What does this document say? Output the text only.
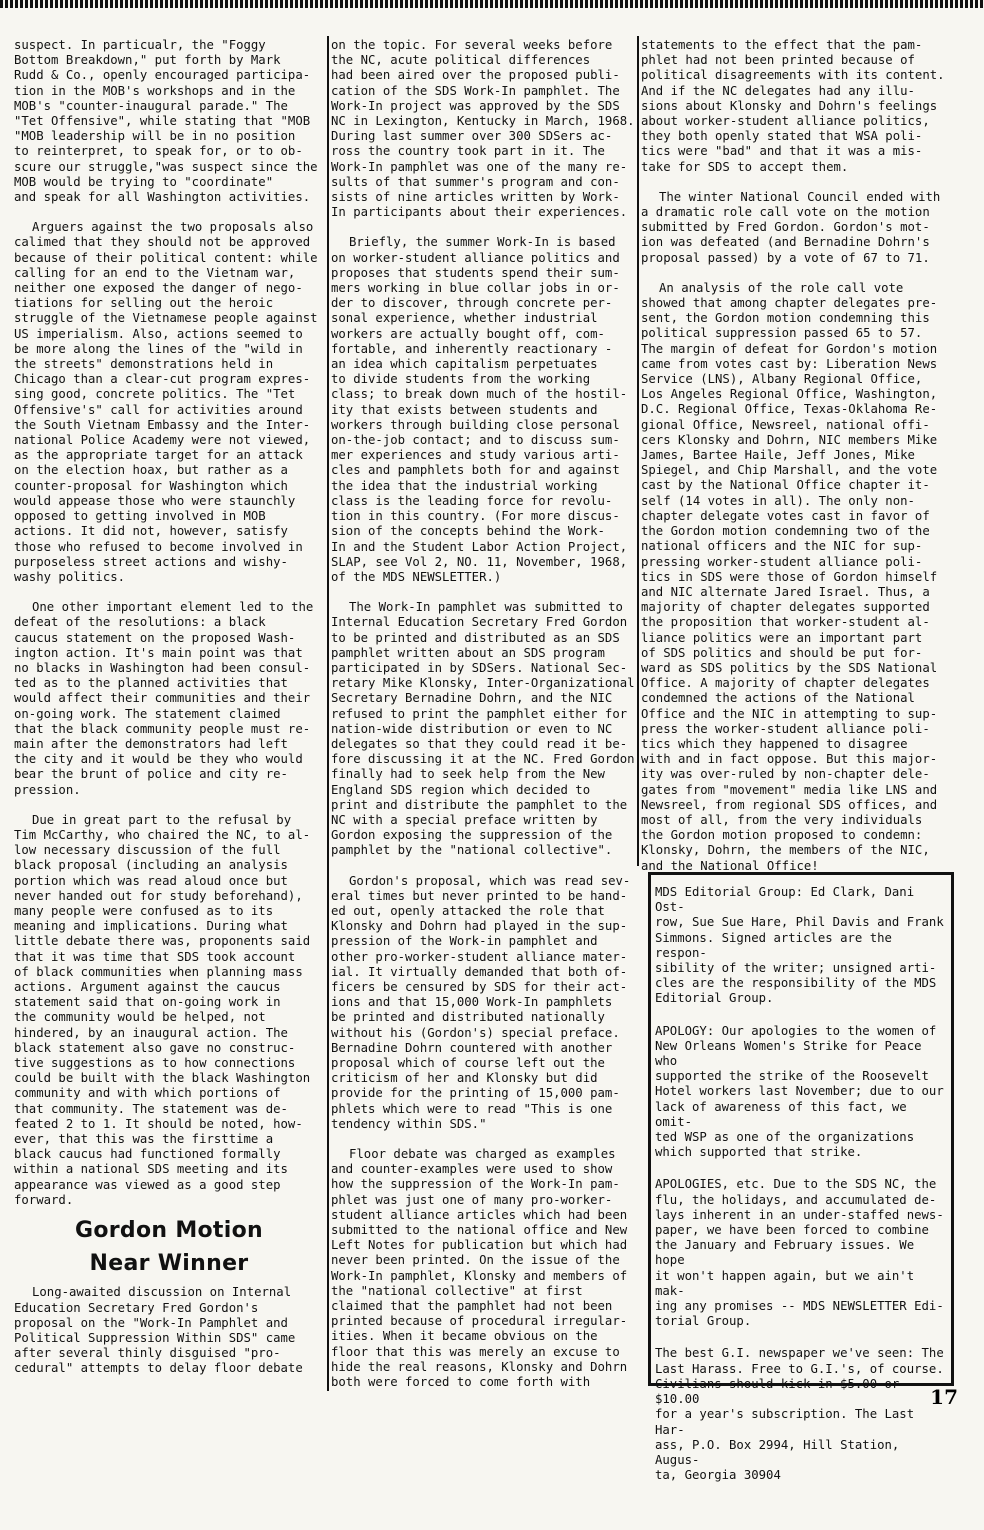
suspect. In particualr, the "Foggy
Bottom Breakdown," put forth by Mark
Rudd & Co., openly encouraged participa-
tion in the MOB's workshops and in the
MOB's "counter-inaugural parade." The
"Tet Offensive", while stating that "MOB
"MOB leadership will be in no position
to reinterpret, to speak for, or to ob-
scure our struggle,"was suspect since the
MOB would be trying to "coordinate"
and speak for all Washington activities.

Arguers against the two proposals also
calimed that they should not be approved
because of their political content: while
calling for an end to the Vietnam war,
neither one exposed the danger of nego-
tiations for selling out the heroic
struggle of the Vietnamese people against
US imperialism. Also, actions seemed to
be more along the lines of the "wild in
the streets" demonstrations held in
Chicago than a clear-cut program expres-
sing good, concrete politics. The "Tet
Offensive's" call for activities around
the South Vietnam Embassy and the Inter-
national Police Academy were not viewed,
as the appropriate target for an attack
on the election hoax, but rather as a
counter-proposal for Washington which
would appease those who were staunchly
opposed to getting involved in MOB
actions. It did not, however, satisfy
those who refused to become involved in
purposeless street actions and wishy-
washy politics.

One other important element led to the
defeat of the resolutions: a black
caucus statement on the proposed Wash-
ington action. It's main point was that
no blacks in Washington had been consul-
ted as to the planned activities that
would affect their communities and their
on-going work. The statement claimed
that the black community people must re-
main after the demonstrators had left
the city and it would be they who would
bear the brunt of police and city re-
pression.

Due in great part to the refusal by
Tim McCarthy, who chaired the NC, to al-
low necessary discussion of the full
black proposal (including an analysis
portion which was read aloud once but
never handed out for study beforehand),
many people were confused as to its
meaning and implications. During what
little debate there was, proponents said
that it was time that SDS took account
of black communities when planning mass
actions. Argument against the caucus
statement said that on-going work in
the community would be helped, not
hindered, by an inaugural action. The
black statement also gave no construc-
tive suggestions as to how connections
could be built with the black Washington
community and with which portions of
that community. The statement was de-
feated 2 to 1. It should be noted, how-
ever, that this was the firsttime a
black caucus had functioned formally
within a national SDS meeting and its
appearance was viewed as a good step
forward.

Gordon Motion
Near Winner

Long-awaited discussion on Internal
Education Secretary Fred Gordon's
proposal on the "Work-In Pamphlet and
Political Suppression Within SDS" came
after several thinly disguised "pro-
cedural" attempts to delay floor debate

on the topic. For several weeks before
the NC, acute political differences
had been aired over the proposed publi-
cation of the SDS Work-In pamphlet. The
Work-In project was approved by the SDS
NC in Lexington, Kentucky in March, 1968.
During last summer over 300 SDSers ac-
ross the country took part in it. The
Work-In pamphlet was one of the many re-
sults of that summer's program and con-
sists of nine articles written by Work-
In participants about their experiences.

Briefly, the summer Work-In is based
on worker-student alliance politics and
proposes that students spend their sum-
mers working in blue collar jobs in or-
der to discover, through concrete per-
sonal experience, whether industrial
workers are actually bought off, com-
fortable, and inherently reactionary -
an idea which capitalism perpetuates
to divide students from the working
class; to break down much of the hostil-
ity that exists between students and
workers through building close personal
on-the-job contact; and to discuss sum-
mer experiences and study various arti-
cles and pamphlets both for and against
the idea that the industrial working
class is the leading force for revolu-
tion in this country. (For more discus-
sion of the concepts behind the Work-
In and the Student Labor Action Project,
SLAP, see Vol 2, NO. 11, November, 1968,
of the MDS NEWSLETTER.)

The Work-In pamphlet was submitted to
Internal Education Secretary Fred Gordon
to be printed and distributed as an SDS
pamphlet written about an SDS program
participated in by SDSers. National Sec-
retary Mike Klonsky, Inter-Organizational
Secretary Bernadine Dohrn, and the NIC
refused to print the pamphlet either for
nation-wide distribution or even to NC
delegates so that they could read it be-
fore discussing it at the NC. Fred Gordon
finally had to seek help from the New
England SDS region which decided to
print and distribute the pamphlet to the
NC with a special preface written by
Gordon exposing the suppression of the
pamphlet by the "national collective".

Gordon's proposal, which was read sev-
eral times but never printed to be hand-
ed out, openly attacked the role that
Klonsky and Dohrn had played in the sup-
pression of the Work-in pamphlet and
other pro-worker-student alliance mater-
ial. It virtually demanded that both of-
ficers be censured by SDS for their act-
ions and that 15,000 Work-In pamphlets
be printed and distributed nationally
without his (Gordon's) special preface.
Bernadine Dohrn countered with another
proposal which of course left out the
criticism of her and Klonsky but did
provide for the printing of 15,000 pam-
phlets which were to read "This is one
tendency within SDS."

Floor debate was charged as examples
and counter-examples were used to show
how the suppression of the Work-In pam-
phlet was just one of many pro-worker-
student alliance articles which had been
submitted to the national office and New
Left Notes for publication but which had
never been printed. On the issue of the
Work-In pamphlet, Klonsky and members of
the "national collective" at first
claimed that the pamphlet had not been
printed because of procedural irregular-
ities. When it became obvious on the
floor that this was merely an excuse to
hide the real reasons, Klonsky and Dohrn
both were forced to come forth with

statements to the effect that the pam-
phlet had not been printed because of
political disagreements with its content.
And if the NC delegates had any illu-
sions about Klonsky and Dohrn's feelings
about worker-student alliance politics,
they both openly stated that WSA poli-
tics were "bad" and that it was a mis-
take for SDS to accept them.

The winter National Council ended with
a dramatic role call vote on the motion
submitted by Fred Gordon. Gordon's mot-
ion was defeated (and Bernadine Dohrn's
proposal passed) by a vote of 67 to 71.

An analysis of the role call vote
showed that among chapter delegates pre-
sent, the Gordon motion condemning this
political suppression passed 65 to 57.
The margin of defeat for Gordon's motion
came from votes cast by: Liberation News
Service (LNS), Albany Regional Office,
Los Angeles Regional Office, Washington,
D.C. Regional Office, Texas-Oklahoma Re-
gional Office, Newsreel, national offi-
cers Klonsky and Dohrn, NIC members Mike
James, Bartee Haile, Jeff Jones, Mike
Spiegel, and Chip Marshall, and the vote
cast by the National Office chapter it-
self (14 votes in all). The only non-
chapter delegate votes cast in favor of
the Gordon motion condemning two of the
national officers and the NIC for sup-
pressing worker-student alliance poli-
tics in SDS were those of Gordon himself
and NIC alternate Jared Israel. Thus, a
majority of chapter delegates supported
the proposition that worker-student al-
liance politics were an important part
of SDS politics and should be put for-
ward as SDS politics by the SDS National
Office. A majority of chapter delegates
condemned the actions of the National
Office and the NIC in attempting to sup-
press the worker-student alliance poli-
tics which they happened to disagree
with and in fact oppose. But this major-
ity was over-ruled by non-chapter dele-
gates from "movement" media like LNS and
Newsreel, from regional SDS offices, and
most of all, from the very individuals
the Gordon motion proposed to condemn:
Klonsky, Dohrn, the members of the NIC,
and the National Office!

MDS Editorial Group: Ed Clark, Dani Ost-
row, Sue Sue Hare, Phil Davis and Frank
Simmons. Signed articles are the respon-
sibility of the writer; unsigned arti-
cles are the responsibility of the MDS
Editorial Group.

APOLOGY: Our apologies to the women of
New Orleans Women's Strike for Peace who
supported the strike of the Roosevelt
Hotel workers last November; due to our
lack of awareness of this fact, we omit-
ted WSP as one of the organizations
which supported that strike.

APOLOGIES, etc. Due to the SDS NC, the
flu, the holidays, and accumulated de-
lays inherent in an under-staffed news-
paper, we have been forced to combine
the January and February issues. We hope
it won't happen again, but we ain't mak-
ing any promises -- MDS NEWSLETTER Edi-
torial Group.

The best G.I. newspaper we've seen: The
Last Harass. Free to G.I.'s, of course.
Civilians should kick in $5.00 or $10.00
for a year's subscription. The Last Har-
ass, P.O. Box 2994, Hill Station, Augus-
ta, Georgia 30904

17
